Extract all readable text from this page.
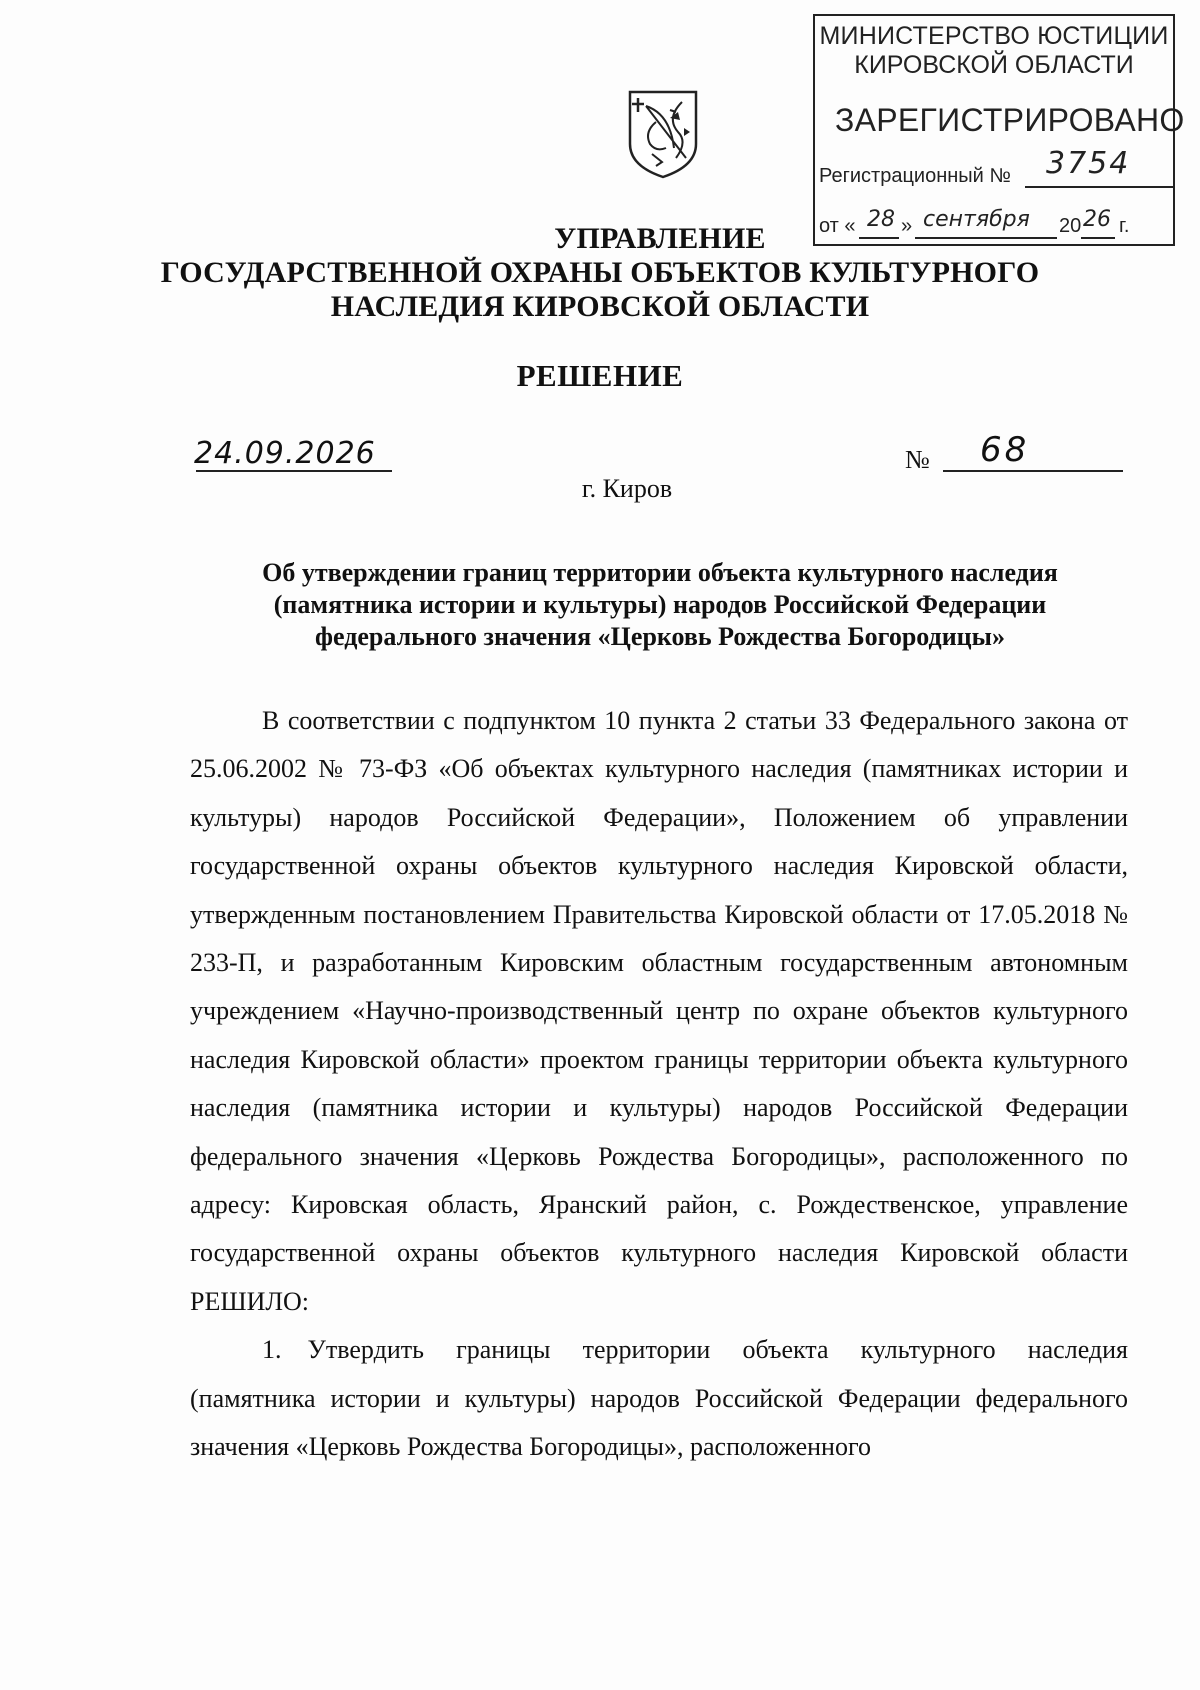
МИНИСТЕРСТВО ЮСТИЦИИ
КИРОВСКОЙ ОБЛАСТИ
ЗАРЕГИСТРИРОВАНО
Регистрационный № 3754
от « 28 » сентября 20 26 г.
УПРАВЛЕНИЕ
ГОСУДАРСТВЕННОЙ ОХРАНЫ ОБЪЕКТОВ КУЛЬТУРНОГО
НАСЛЕДИЯ КИРОВСКОЙ ОБЛАСТИ
РЕШЕНИЕ
24.09.2026	№ 68
г. Киров
Об утверждении границ территории объекта культурного наследия
(памятника истории и культуры) народов Российской Федерации
федерального значения «Церковь Рождества Богородицы»

В соответствии с подпунктом 10 пункта 2 статьи 33 Федерального закона от 25.06.2002 № 73-ФЗ «Об объектах культурного наследия (памятниках истории и культуры) народов Российской Федерации», Положением об управлении государственной охраны объектов культурного наследия Кировской области, утвержденным постановлением Правительства Кировской области от 17.05.2018 № 233-П, и разработанным Кировским областным государственным автономным учреждением «Научно-производственный центр по охране объектов культурного наследия Кировской области» проектом границы территории объекта культурного наследия (памятника истории и культуры) народов Российской Федерации федерального значения «Церковь Рождества Богородицы», расположенного по адресу: Кировская область, Яранский район, с. Рождественское, управление государственной охраны объектов культурного наследия Кировской области РЕШИЛО:

1. Утвердить границы территории объекта культурного наследия (памятника истории и культуры) народов Российской Федерации федерального значения «Церковь Рождества Богородицы», расположенного
